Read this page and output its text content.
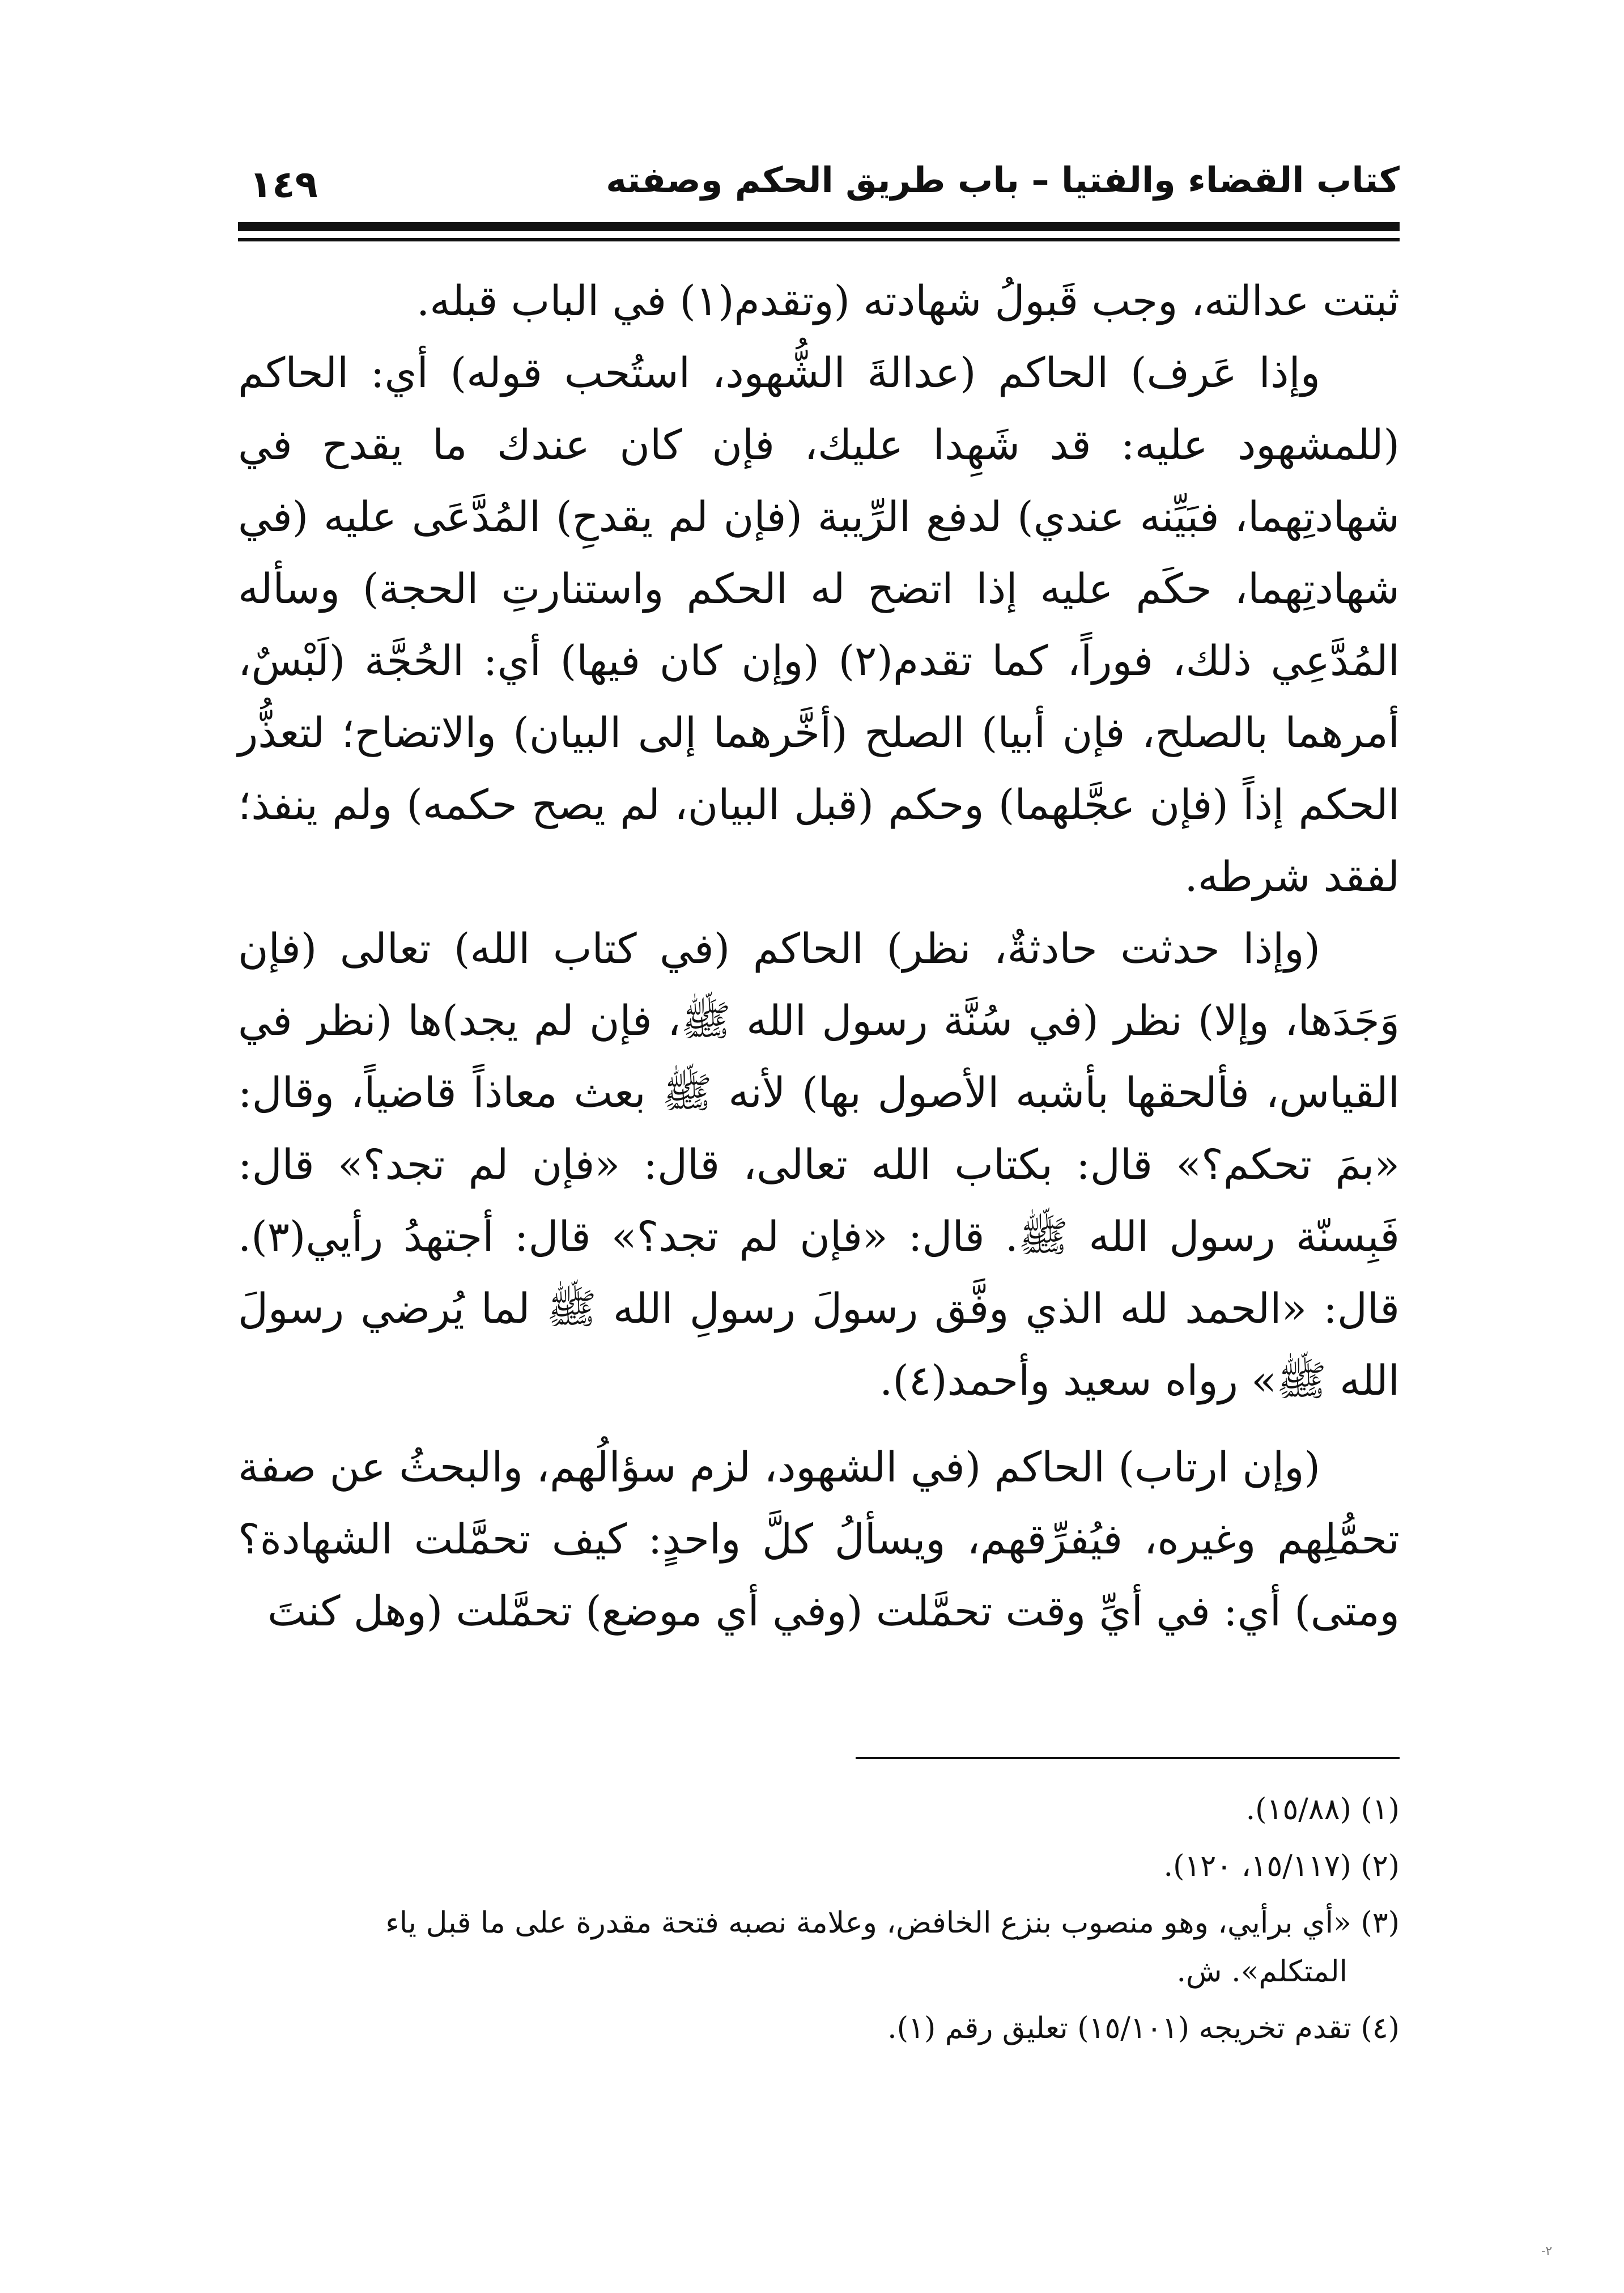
كتاب القضاء والفتيا – باب طريق الحكم وصفته
١٤٩

ثبتت عدالته، وجب قَبولُ شهادته (وتقدم(١) في الباب قبله.

وإذا عَرف) الحاكم (عدالةَ الشُّهود، استُحب قوله) أي: الحاكم (للمشهود عليه: قد شَهِدا عليك، فإن كان عندك ما يقدح في شهادتِهما، فبَيِّنه عندي) لدفع الرِّيبة (فإن لم يقدحِ) المُدَّعَى عليه (في شهادتِهما، حكَم عليه إذا اتضح له الحكم واستنارتِ الحجة) وسأله المُدَّعِي ذلك، فوراً، كما تقدم(٢) (وإن كان فيها) أي: الحُجَّة (لَبْسٌ، أمرهما بالصلح، فإن أبيا) الصلح (أخَّرهما إلى البيان) والاتضاح؛ لتعذُّر الحكم إذاً (فإن عجَّلهما) وحكم (قبل البيان، لم يصح حكمه) ولم ينفذ؛ لفقد شرطه.

(وإذا حدثت حادثةٌ، نظر) الحاكم (في كتاب الله) تعالى (فإن وَجَدَها، وإلا) نظر (في سُنَّة رسول الله ﷺ، فإن لم يجد)ها (نظر في القياس، فألحقها بأشبه الأصول بها) لأنه ﷺ بعث معاذاً قاضياً، وقال: «بمَ تحكم؟» قال: بكتاب الله تعالى، قال: «فإن لم تجد؟» قال: فَبِسنّة رسول الله ﷺ. قال: «فإن لم تجد؟» قال: أجتهدُ رأيي(٣). قال: «الحمد لله الذي وفَّق رسولَ رسولِ الله ﷺ لما يُرضي رسولَ الله ﷺ» رواه سعيد وأحمد(٤).

(وإن ارتاب) الحاكم (في الشهود، لزم سؤالُهم، والبحثُ عن صفة تحمُّلِهم وغيره، فيُفرِّقهم، ويسألُ كلَّ واحدٍ: كيف تحمَّلت الشهادة؟ ومتى) أي: في أيِّ وقت تحمَّلت (وفي أي موضع) تحمَّلت (وهل كنتَ

(١) (١٥/٨٨).

(٢) (١٥/١١٧، ١٢٠).

(٣) «أي برأيي، وهو منصوب بنزع الخافض، وعلامة نصبه فتحة مقدرة على ما قبل ياء

المتكلم». ش.

(٤) تقدم تخريجه (١٥/١٠١) تعليق رقم (١).

-٢
